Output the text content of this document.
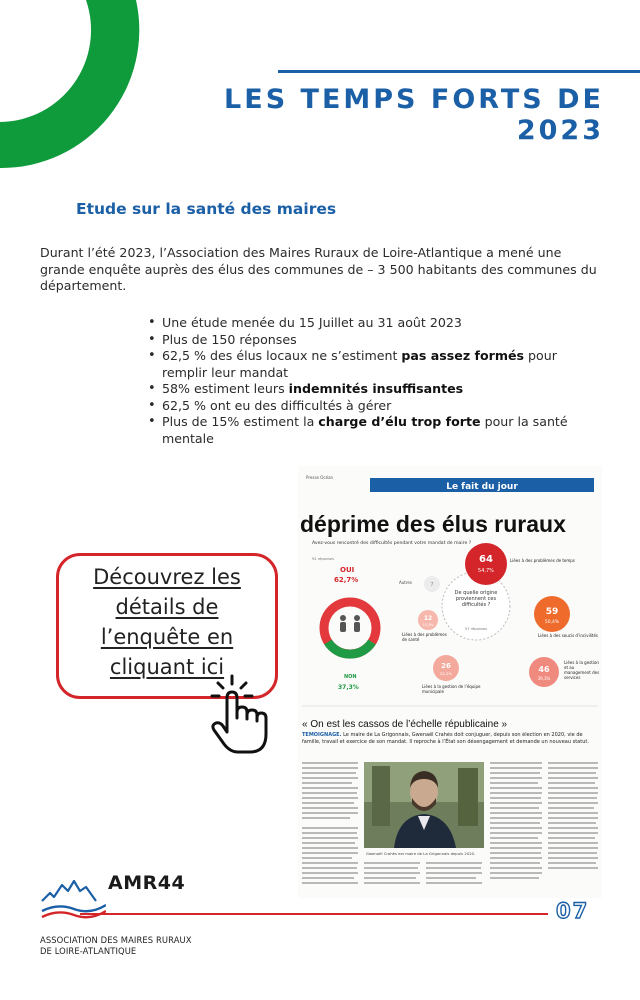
LES TEMPS FORTS DE
2023
Etude sur la santé des maires

Durant l’été 2023, l’Association des Maires Ruraux de Loire-Atlantique a mené une grande enquête auprès des élus des communes de – 3 500 habitants des communes du département.

• Une étude menée du 15 Juillet au 31 août 2023
• Plus de 150 réponses
• 62,5 % des élus locaux ne s’estiment pas assez formés pour remplir leur mandat
• 58% estiment leurs indemnités insuffisantes
• 62,5 % ont eu des difficultés à gérer
• Plus de 15% estiment la charge d’élu trop forte pour la santé mentale
Découvrez les
détails de
l’enquête en
cliquant ici
Presse Océan
Le fait du jour
déprime des élus ruraux
Avez-vous rencontré des difficultés pendant votre mandat de maire ?
92 réponses
OUI
62,7%
NON
37,3%
De quelle origine proviennent ces difficultés ?
57 réponses
Autres	7
64
54,7%
Liées à des problèmes de temps
59
50,4%
Liées à des soucis d’incivilités
46
39,3%
Liées à la gestion et au management des services
26
22,2%
Liées à la gestion de l’équipe municipale
12
10,3%
Liées à des problèmes de santé
« On est les cassos de l’échelle républicaine »
TÉMOIGNAGE. Le maire de La Grigonnais, Gwenaël Crahès doit conjuguer, depuis son élection en 2020, vie de famille, travail et exercice de son mandat. Il reproche à l’État son désengagement et demande un nouveau statut.
Gwenaël Crahès est maire de La Grigonnais depuis 2020.
AMR44
ASSOCIATION DES MAIRES RURAUX
DE LOIRE-ATLANTIQUE
07
